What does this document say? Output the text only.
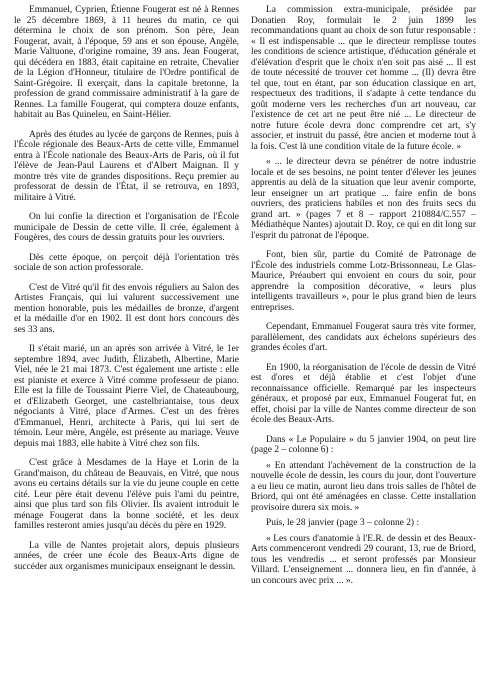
Emmanuel, Cyprien, Étienne Fougerat est né à Rennes le 25 décembre 1869, à 11 heures du matin, ce qui détermina le choix de son prénom. Son père, Jean Fougerat, avait, à l'époque, 59 ans et son épouse, Angèle, Marie Valtuone, d'origine romaine, 39 ans. Jean Fougerat, qui décédera en 1883, était capitaine en retraite, Chevalier de la Légion d'Honneur, titulaire de l'Ordre pontifical de Saint-Grégoire. Il exerçait, dans la capitale bretonne, la profession de grand commissaire administratif à la gare de Rennes. La famille Fougerat, qui comptera douze enfants, habitait au Bas Quineleu, en Saint-Hélier.

Après des études au lycée de garçons de Rennes, puis à l'École régionale des Beaux-Arts de cette ville, Emmanuel entra à l'École nationale des Beaux-Arts de Paris, où il fut l'élève de Jean-Paul Laurens et d'Albert Maignan. Il y montre très vite de grandes dispositions. Reçu premier au professorat de dessin de l'État, il se retrouva, en 1893, militaire à Vitré.

On lui confie la direction et l'organisation de l'École municipale de Dessin de cette ville. Il crée, également à Fougères, des cours de dessin gratuits pour les ouvriers.

Dès cette époque, on perçoit déjà l'orientation très sociale de son action professorale.

C'est de Vitré qu'il fit des envois réguliers au Salon des Artistes Français, qui lui valurent successivement une mention honorable, puis les médailles de bronze, d'argent et la médaille d'or en 1902. Il est dont hors concours dès ses 33 ans.

Il s'était marié, un an après son arrivée à Vitré, le 1er septembre 1894, avec Judith, Élizabeth, Albertine, Marie Viel, née le 21 mai 1873. C'est également une artiste : elle est pianiste et exerce à Vitré comme professeur de piano. Elle est la fille de Toussaint Pierre Viel, de Chateaubourg, et d'Elizabeth Georget, une castelbriantaise, tous deux négociants à Vitré, place d'Armes. C'est un des frères d'Emmanuel, Henri, architecte à Paris, qui lui sert de témoin. Leur mère, Angèle, est présente au mariage. Veuve depuis mai 1883, elle habite à Vitré chez son fils.

C'est grâce à Mesdames de la Haye et Lorin de la Grand'maison, du château de Beauvais, en Vitré, que nous avons eu certains détails sur la vie du jeune couple en cette cité. Leur père était devenu l'élève puis l'ami du peintre, ainsi que plus tard son fils Olivier. Ils avaient introduit le ménage Fougerat dans la bonne société, et les deux familles resteront amies jusqu'au décès du père en 1929.

La ville de Nantes projetait alors, depuis plusieurs années, de créer une école des Beaux-Arts digne de succéder aux organismes municipaux enseignant le dessin.

La commission extra-municipale, présidée par Donatien Roy, formulait le 2 juin 1899 les recommandations quant au choix de son futur responsable : « Il est indispensable ... que le directeur remplisse toutes les conditions de science artistique, d'éducation générale et d'élévation d'esprit que le choix n'en soit pas aisé ... Il est de toute nécessité de trouver cet homme ... (Il) devra être tel que, tout en étant, par son éducation classique en art, respectueux des traditions, il s'adapte à cette tendance du goût moderne vers les recherches d'un art nouveau, car l'existence de cet art ne peut être nié ... Le directeur de notre future école devra donc comprendre cet art, s'y associer, et instruit du passé, être ancien et moderne tout à la fois. C'est là une condition vitale de la future école. »

« ... le directeur devra se pénétrer de notre industrie locale et de ses besoins, ne point tenter d'élever les jeunes apprentis au delà de la situation que leur avenir comporte, leur enseigner un art pratique ... faire enfin de bons ouvriers, des praticiens habiles et non des fruits secs du grand art. » (pages 7 et 8 – rapport 210884/C.557 – Médiathèque Nantes) ajoutait D. Roy, ce qui en dit long sur l'esprit du patronat de l'époque.

Font, bien sûr, partie du Comité de Patronage de l'École des industriels comme Lotz-Brissonneau, Le Glas-Maurice, Préaubert qui envoient en cours du soir, pour apprendre la composition décorative, « leurs plus intelligents travailleurs », pour le plus grand bien de leurs entreprises.

Cependant, Emmanuel Fougerat saura très vite former, parallèlement, des candidats aux échelons supérieurs des grandes écoles d'art.

En 1900, la réorganisation de l'école de dessin de Vitré est d'ores et déjà établie et c'est l'objet d'une reconnaissance officielle. Remarqué par les inspecteurs généraux, et proposé par eux, Emmanuel Fougerat fut, en effet, choisi par la ville de Nantes comme directeur de son école des Beaux-Arts.

Dans « Le Populaire » du 5 janvier 1904, on peut lire (page 2 – colonne 6) :

« En attendant l'achèvement de la construction de la nouvelle école de dessin, les cours du jour, dont l'ouverture a eu lieu ce matin, auront lieu dans trois salles de l'hôtel de Briord, qui ont été aménagées en classe. Cette installation provisoire durera six mois. »

Puis, le 28 janvier (page 3 – colonne 2) :

« Les cours d'anatomie à l'E.R. de dessin et des Beaux-Arts commenceront vendredi 29 courant, 13, rue de Briord, tous les vendredis ... et seront professés par Monsieur Villard. L'enseignement ... donnera lieu, en fin d'année, à un concours avec prix ... ».
